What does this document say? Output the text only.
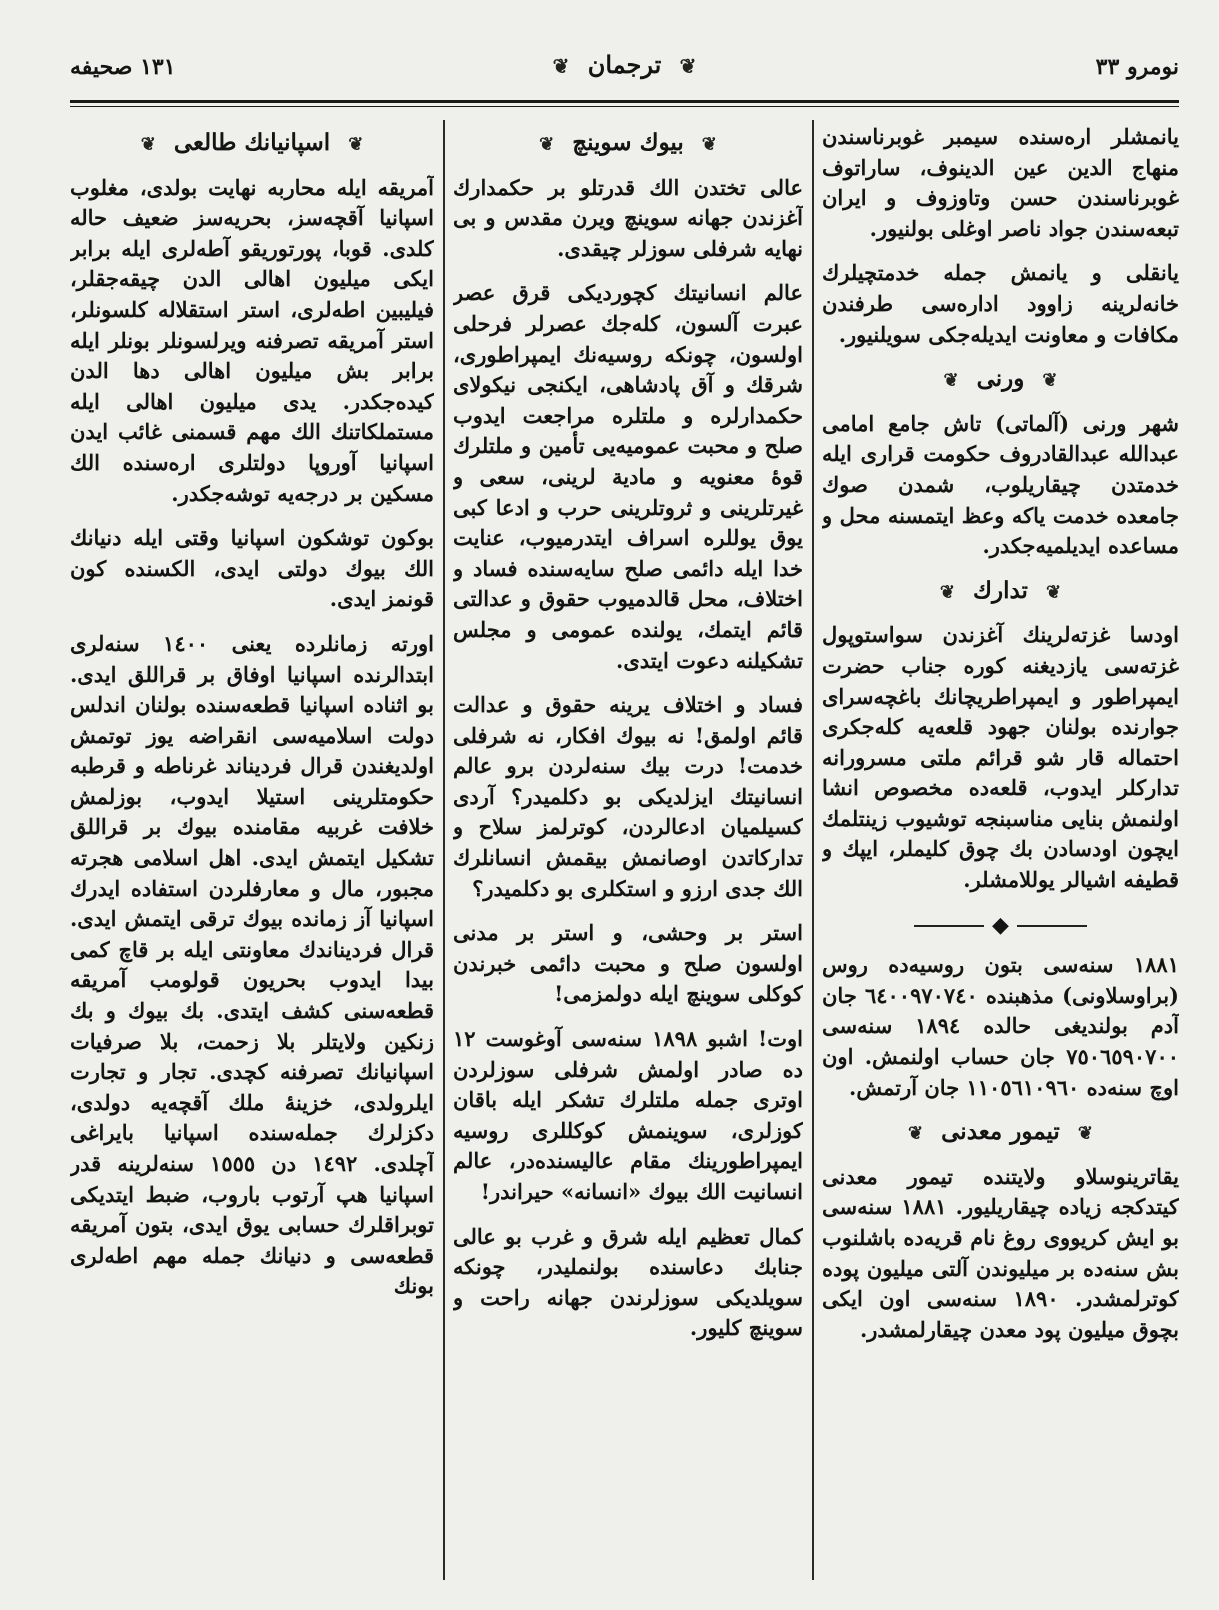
نومرو ٣٣
❦ ترجمان ❦
١٣١ صحيفه

يانمشلر ارەسندە سيمبر غوبرناسندن منهاج الدين عين الدينوف، ساراتوف غوبرناسندن حسن وتاوزوف و ايران تبعەسندن جواد ناصر اوغلى بولنيور.

يانقلى و يانمش جملە خدمتچيلرك خانەلرينە زاوود ادارەسى طرفندن مكافات و معاونت ايديلەجكى سويلنيور.

❦ ورنى ❦

شهر ورنى (آلماتى) تاش جامع امامى عبدالله عبدالقادروف حكومت قرارى ايلە خدمتدن چيقاريلوب، شمدن صوك جامعدە خدمت ياكە وعظ ايتمسنە محل و مساعدە ايديلميەجكدر.

❦ تدارك ❦

اودسا غزتەلرينك آغزندن سواستوپول غزتەسى يازديغنە كورە جناب حضرت ايمپراطور و ايمپراطريچانك باغچەسراى جوارندە بولنان جهود قلعەيە كلەجكرى احتمالە قار شو قرائم ملتى مسرورانە تداركلر ايدوب، قلعەدە مخصوص انشا اولنمش بنايى مناسبنجە توشيوب زينتلمك ايچون اودسادن بك چوق كليملر، ايپك و قطيفە اشيالر يوللامشلر.

◆

١٨٨١ سنەسى بتون روسيەدە روس (براوسلاونى) مذهبندە ٦٤٠٠٩٧٠٧٤٠ جان آدم بولنديغى حالدە ١٨٩٤ سنەسى ٧٥٠٦٥٩٠٧٠٠ جان حساب اولنمش. اون اوچ سنەدە ١١٠٥٦١٠٩٦٠ جان آرتمش.

❦ تيمور معدنى ❦

يقاترينوسلاو ولايتندە تيمور معدنى كيتدكجە زيادە چيقاريليور. ١٨٨١ سنەسى بو ايش كريووى روغ نام قريەدە باشلنوب بش سنەدە بر ميليوندن آلتى ميليون پودە كوترلمشدر. ١٨٩٠ سنەسى اون ايكى بچوق ميليون پود معدن چيقارلمشدر.

❦ بيوك سوينچ ❦

عالى تختدن الك قدرتلو بر حكمدارك آغزندن جهانە سوينچ ويرن مقدس و بى نهايە شرفلى سوزلر چيقدى.

عالم انسانيتك كچورديكى قرق عصر عبرت آلسون، كلەجك عصرلر فرحلى اولسون، چونكە روسيەنك ايمپراطورى، شرقك و آق پادشاهى، ايكنجى نيكولاى حكمدارلرە و ملتلرە مراجعت ايدوب صلح و محبت عموميەيى تأمين و ملتلرك قوۀ معنويە و مادية لرينى، سعى و غيرتلرينى و ثروتلرينى حرب و ادعا كبى يوق يوللرە اسراف ايتدرميوب، عنايت خدا ايلە دائمى صلح سايەسندە فساد و اختلاف، محل قالدميوب حقوق و عدالتى قائم ايتمك، يولندە عمومى و مجلس تشكيلنە دعوت ايتدى.

فساد و اختلاف يرينە حقوق و عدالت قائم اولمق! نە بيوك افكار، نە شرفلى خدمت! درت بيك سنەلردن برو عالم انسانيتك ايزلديكى بو دكلميدر؟ آردى كسيلميان ادعالردن، كوترلمز سلاح و تداركاتدن اوصانمش بيقمش انسانلرك الك جدى ارزو و استكلرى بو دكلميدر؟

استر بر وحشى، و استر بر مدنى اولسون صلح و محبت دائمى خبرندن كوكلى سوينچ ايلە دولمزمى!

اوت! اشبو ١٨٩٨ سنەسى آوغوست ١٢ دە صادر اولمش شرفلى سوزلردن اوترى جملە ملتلرك تشكر ايلە باقان كوزلرى، سوينمش كوكللرى روسيە ايمپراطورينك مقام عاليسندەدر، عالم انسانيت الك بيوك «انسانە» حيراندر!

كمال تعظيم ايلە شرق و غرب بو عالى جنابك دعاسندە بولنمليدر، چونكە سويلديكى سوزلرندن جهانە راحت و سوينچ كليور.

❦ اسپانيانك طالعى ❦

آمريقە ايلە محاربە نهايت بولدى، مغلوب اسپانيا آقچەسز، بحريەسز ضعيف حالە كلدى. قوبا، پورتوريقو آطەلرى ايلە برابر ايكى ميليون اهالى الدن چيقەجقلر، فيليبين اطەلرى، استر استقلالە كلسونلر، استر آمريقە تصرفنە ويرلسونلر بونلر ايلە برابر بش ميليون اهالى دها الدن كيدەجكدر. يدى ميليون اهالى ايلە مستملكاتنك الك مهم قسمنى غائب ايدن اسپانيا آوروپا دولتلرى ارەسندە الك مسكين بر درجەيە توشەجكدر.

بوكون توشكون اسپانيا وقتى ايلە دنيانك الك بيوك دولتى ايدى، الكسندە كون قونمز ايدى.

اورتە زمانلردە يعنى ١٤٠٠ سنەلرى ابتدالرندە اسپانيا اوفاق بر قراللق ايدى. بو اثنادە اسپانيا قطعەسندە بولنان اندلس دولت اسلاميەسى انقراضە يوز توتمش اولديغندن قرال فرديناند غرناطە و قرطبە حكومتلرينى استيلا ايدوب، بوزلمش خلافت غربيە مقامندە بيوك بر قراللق تشكيل ايتمش ايدى. اهل اسلامى هجرتە مجبور، مال و معارفلردن استفادە ايدرك اسپانيا آز زماندە بيوك ترقى ايتمش ايدى. قرال فرديناندك معاونتى ايلە بر قاچ كمى بيدا ايدوب بحريون قولومب آمريقە قطعەسنى كشف ايتدى. بك بيوك و بك زنكين ولايتلر بلا زحمت، بلا صرفيات اسپانيانك تصرفنە كچدى. تجار و تجارت ايلرولدى، خزينۀ ملك آقچەيە دولدى، دكزلرك جملەسندە اسپانيا بايراغى آچلدى. ١٤٩٢ دن ١٥٥٥ سنەلرينە قدر اسپانيا هپ آرتوب باروب، ضبط ايتديكى توبراقلرك حسابى يوق ايدى، بتون آمريقە قطعەسى و دنيانك جملە مهم اطەلرى بونك
